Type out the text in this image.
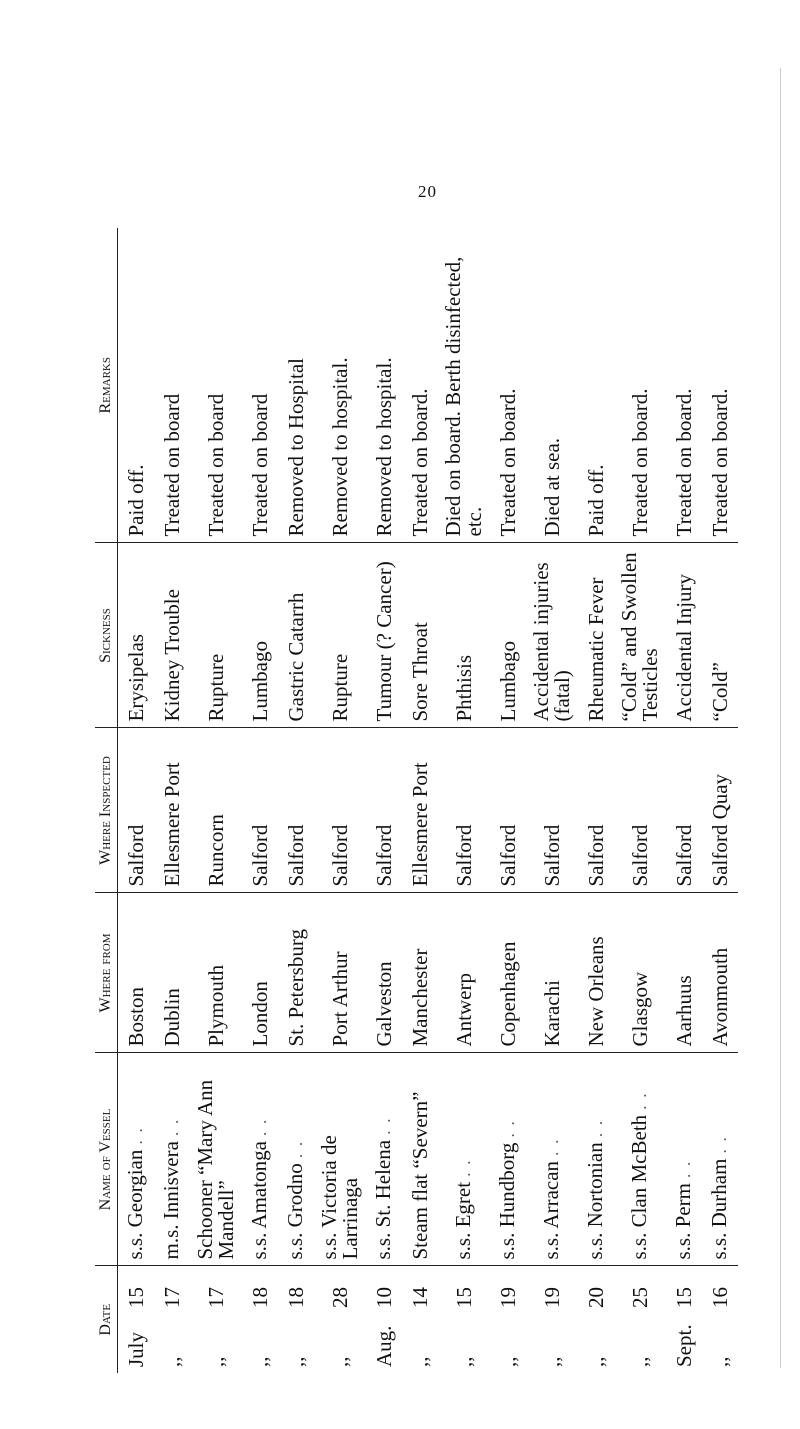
20
Date	Name of Vessel	Where from	Where Inspected	Sickness	Remarks
July15	s.s. Georgian . .	Boston	Salford	Erysipelas	Paid off.
,,17	m.s. Innisvera . .	Dublin	Ellesmere Port	Kidney Trouble	Treated on board
,,17	Schooner “Mary Ann Mandell”	Plymouth	Runcorn	Rupture	Treated on board
,,18	s.s. Amatonga . .	London	Salford	Lumbago	Treated on board
,,18	s.s. Grodno . .	St. Petersburg	Salford	Gastric Catarrh	Removed to Hospital
,,28	s.s. Victoria de Larrinaga	Port Arthur	Salford	Rupture	Removed to hospital.
Aug.10	s.s. St. Helena . .	Galveston	Salford	Tumour (? Cancer)	Removed to hospital.
,,14	Steam flat “Severn”	Manchester	Ellesmere Port	Sore Throat	Treated on board.
,,15	s.s. Egret . .	Antwerp	Salford	Phthisis	Died on board. Berth disinfected, etc.
,,19	s.s. Hundborg . .	Copenhagen	Salford	Lumbago	Treated on board.
,,19	s.s. Arracan . .	Karachi	Salford	Accidental injuries (fatal)	Died at sea.
,,20	s.s. Nortonian . .	New Orleans	Salford	Rheumatic Fever	Paid off.
,,25	s.s. Clan McBeth . .	Glasgow	Salford	“Cold” and Swollen Testicles	Treated on board.
Sept.15	s.s. Perm . .	Aarhuus	Salford	Accidental Injury	Treated on board.
,,16	s.s. Durham . .	Avonmouth	Salford Quay	“Cold”	Treated on board.
